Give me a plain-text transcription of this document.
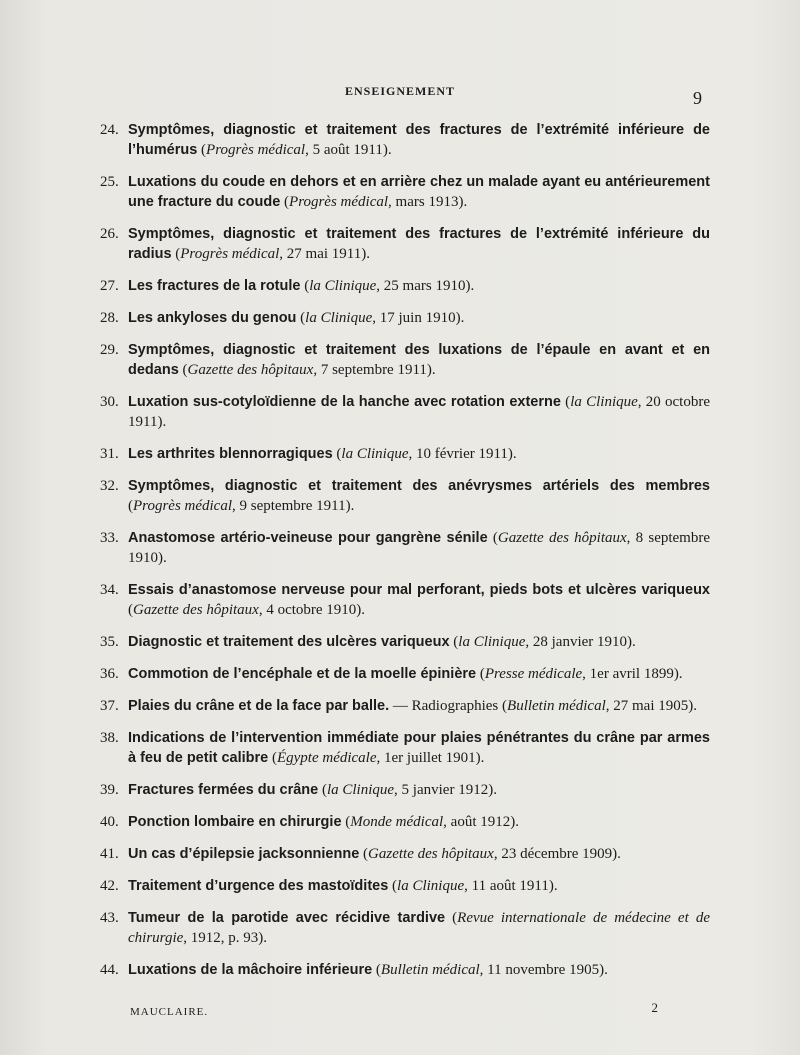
ENSEIGNEMENT	9
24. Symptômes, diagnostic et traitement des fractures de l’extrémité inférieure de l’humérus (Progrès médical, 5 août 1911).
25. Luxations du coude en dehors et en arrière chez un malade ayant eu antérieurement une fracture du coude (Progrès médical, mars 1913).
26. Symptômes, diagnostic et traitement des fractures de l’extrémité inférieure du radius (Progrès médical, 27 mai 1911).
27. Les fractures de la rotule (la Clinique, 25 mars 1910).
28. Les ankyloses du genou (la Clinique, 17 juin 1910).
29. Symptômes, diagnostic et traitement des luxations de l’épaule en avant et en dedans (Gazette des hôpitaux, 7 septembre 1911).
30. Luxation sus-cotyloïdienne de la hanche avec rotation externe (la Clinique, 20 octobre 1911).
31. Les arthrites blennorragiques (la Clinique, 10 février 1911).
32. Symptômes, diagnostic et traitement des anévrysmes artériels des membres (Progrès médical, 9 septembre 1911).
33. Anastomose artério-veineuse pour gangrène sénile (Gazette des hôpitaux, 8 septembre 1910).
34. Essais d’anastomose nerveuse pour mal perforant, pieds bots et ulcères variqueux (Gazette des hôpitaux, 4 octobre 1910).
35. Diagnostic et traitement des ulcères variqueux (la Clinique, 28 janvier 1910).
36. Commotion de l’encéphale et de la moelle épinière (Presse médicale, 1er avril 1899).
37. Plaies du crâne et de la face par balle. — Radiographies (Bulletin médical, 27 mai 1905).
38. Indications de l’intervention immédiate pour plaies pénétrantes du crâne par armes à feu de petit calibre (Égypte médicale, 1er juillet 1901).
39. Fractures fermées du crâne (la Clinique, 5 janvier 1912).
40. Ponction lombaire en chirurgie (Monde médical, août 1912).
41. Un cas d’épilepsie jacksonnienne (Gazette des hôpitaux, 23 décembre 1909).
42. Traitement d’urgence des mastoïdites (la Clinique, 11 août 1911).
43. Tumeur de la parotide avec récidive tardive (Revue internationale de médecine et de chirurgie, 1912, p. 93).
44. Luxations de la mâchoire inférieure (Bulletin médical, 11 novembre 1905).
MAUCLAIRE.	2
